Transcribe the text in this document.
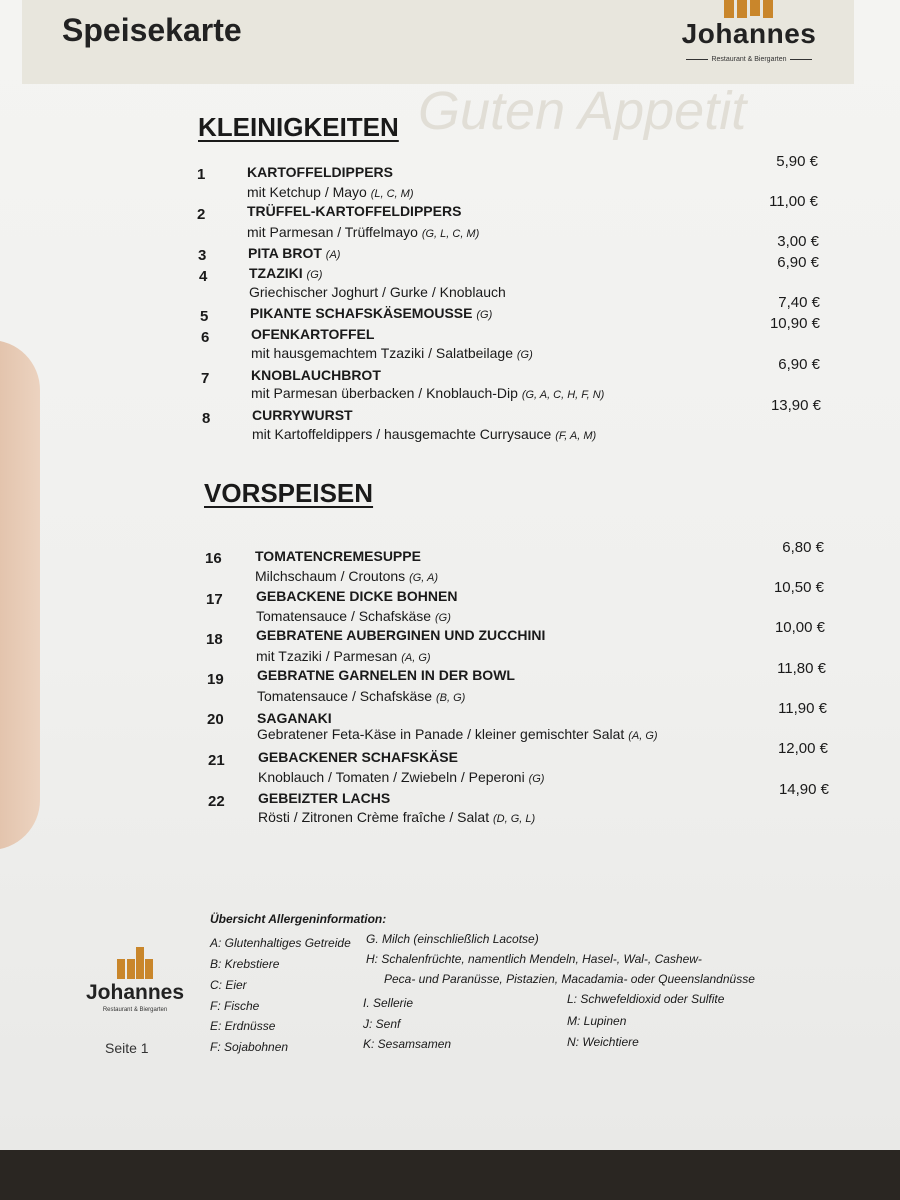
Speisekarte	Johannes
Restaurant & Biergarten
Guten Appetit
KLEINIGKEITEN
1	KARTOFFELDIPPERS
mit Ketchup / Mayo (L, C, M)
5,90 €
2	TRÜFFEL-KARTOFFELDIPPERS
mit Parmesan / Trüffelmayo (G, L, C, M)
11,00 €
3	PITA BROT (A)
3,00 €
4	TZAZIKI (G)
Griechischer Joghurt / Gurke / Knoblauch
6,90 €
5	PIKANTE SCHAFSKÄSEMOUSSE (G)
7,40 €
6	OFENKARTOFFEL
mit hausgemachtem Tzaziki / Salatbeilage (G)
10,90 €
7	KNOBLAUCHBROT
mit Parmesan überbacken / Knoblauch-Dip (G, A, C, H, F, N)
6,90 €
8	CURRYWURST
mit Kartoffeldippers / hausgemachte Currysauce (F, A, M)
13,90 €
VORSPEISEN
16 TOMATENCREMESUPPE
Milchschaum / Croutons (G, A)
6,80 €
17 GEBACKENE DICKE BOHNEN
Tomatensauce / Schafskäse (G)
10,50 €
18 GEBRATENE AUBERGINEN UND ZUCCHINI
mit Tzaziki / Parmesan (A, G)
10,00 €
19 GEBRATNE GARNELEN IN DER BOWL
Tomatensauce / Schafskäse (B, G)
11,80 €
20 SAGANAKI
Gebratener Feta-Käse in Panade / kleiner gemischter Salat (A, G)
11,90 €
21 GEBACKENER SCHAFSKÄSE
Knoblauch / Tomaten / Zwiebeln / Peperoni (G)
12,00 €
22 GEBEIZTER LACHS
Rösti / Zitronen Crème fraîche / Salat (D, G, L)
14,90 €
Übersicht Allergeninformation:
A: Glutenhaltiges Getreide
B: Krebstiere
C: Eier
F: Fische
E: Erdnüsse
F: Sojabohnen
G. Milch (einschließlich Lacotse)
H: Schalenfrüchte, namentlich Mendeln, Hasel-, Wal-, Cashew-
Peca- und Paranüsse, Pistazien, Macadamia- oder Queenslandnüsse
I. Sellerie
J: Senf
K: Sesamsamen
L: Schwefeldioxid oder Sulfite
M: Lupinen
N: Weichtiere
Johannes
Restaurant & Biergarten
Seite 1
